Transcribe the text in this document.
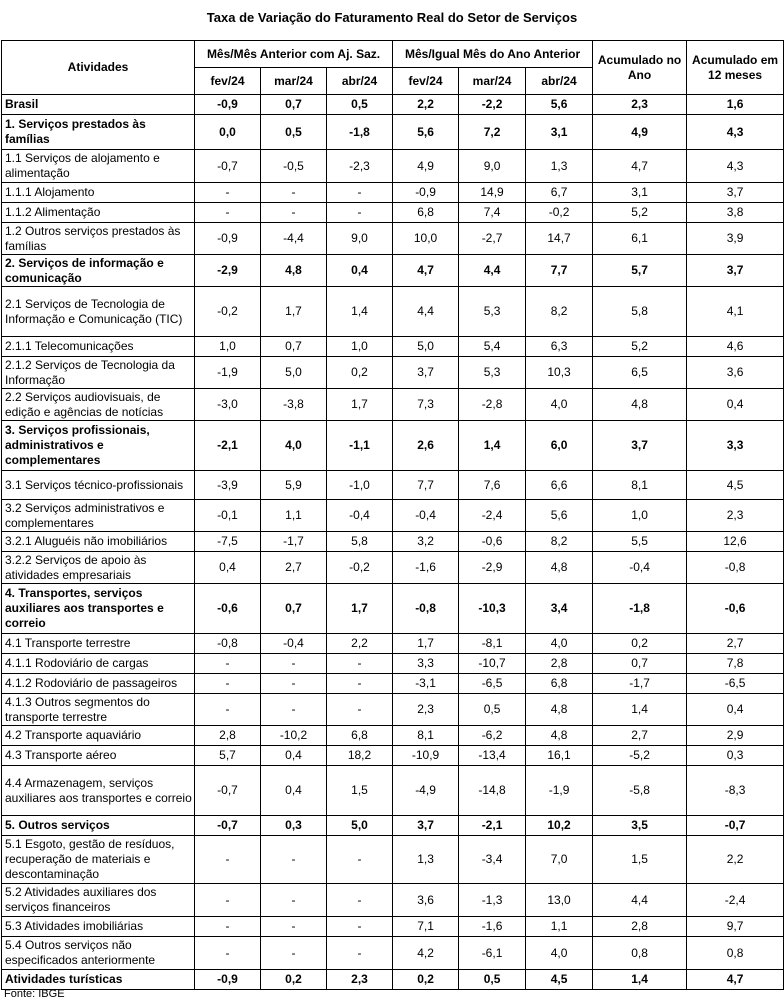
Taxa de Variação do Faturamento Real do Setor de Serviços
Atividades	Mês/Mês Anterior com Aj. Saz.			Mês/Igual Mês do Ano Anterior			Acumulado no Ano	Acumulado em 12 meses
	fev/24	mar/24	abr/24	fev/24	mar/24	abr/24		
Brasil	-0,9	0,7	0,5	2,2	-2,2	5,6	2,3	1,6
1. Serviços prestados às famílias	0,0	0,5	-1,8	5,6	7,2	3,1	4,9	4,3
1.1 Serviços de alojamento e alimentação	-0,7	-0,5	-2,3	4,9	9,0	1,3	4,7	4,3
1.1.1 Alojamento	-	-	-	-0,9	14,9	6,7	3,1	3,7
1.1.2 Alimentação	-	-	-	6,8	7,4	-0,2	5,2	3,8
1.2 Outros serviços prestados às famílias	-0,9	-4,4	9,0	10,0	-2,7	14,7	6,1	3,9
2. Serviços de informação e comunicação	-2,9	4,8	0,4	4,7	4,4	7,7	5,7	3,7
2.1 Serviços de Tecnologia de Informação e Comunicação (TIC)	-0,2	1,7	1,4	4,4	5,3	8,2	5,8	4,1
2.1.1 Telecomunicações	1,0	0,7	1,0	5,0	5,4	6,3	5,2	4,6
2.1.2 Serviços de Tecnologia da Informação	-1,9	5,0	0,2	3,7	5,3	10,3	6,5	3,6
2.2 Serviços audiovisuais, de edição e agências de notícias	-3,0	-3,8	1,7	7,3	-2,8	4,0	4,8	0,4
3. Serviços profissionais, administrativos e complementares	-2,1	4,0	-1,1	2,6	1,4	6,0	3,7	3,3
3.1 Serviços técnico-profissionais	-3,9	5,9	-1,0	7,7	7,6	6,6	8,1	4,5
3.2 Serviços administrativos e complementares	-0,1	1,1	-0,4	-0,4	-2,4	5,6	1,0	2,3
3.2.1 Aluguéis não imobiliários	-7,5	-1,7	5,8	3,2	-0,6	8,2	5,5	12,6
3.2.2 Serviços de apoio às atividades empresariais	0,4	2,7	-0,2	-1,6	-2,9	4,8	-0,4	-0,8
4. Transportes, serviços auxiliares aos transportes e correio	-0,6	0,7	1,7	-0,8	-10,3	3,4	-1,8	-0,6
4.1 Transporte terrestre	-0,8	-0,4	2,2	1,7	-8,1	4,0	0,2	2,7
4.1.1 Rodoviário de cargas	-	-	-	3,3	-10,7	2,8	0,7	7,8
4.1.2 Rodoviário de passageiros	-	-	-	-3,1	-6,5	6,8	-1,7	-6,5
4.1.3 Outros segmentos do transporte terrestre	-	-	-	2,3	0,5	4,8	1,4	0,4
4.2 Transporte aquaviário	2,8	-10,2	6,8	8,1	-6,2	4,8	2,7	2,9
4.3 Transporte aéreo	5,7	0,4	18,2	-10,9	-13,4	16,1	-5,2	0,3
4.4 Armazenagem, serviços auxiliares aos transportes e correio	-0,7	0,4	1,5	-4,9	-14,8	-1,9	-5,8	-8,3
5. Outros serviços	-0,7	0,3	5,0	3,7	-2,1	10,2	3,5	-0,7
5.1 Esgoto, gestão de resíduos, recuperação de materiais e descontaminação	-	-	-	1,3	-3,4	7,0	1,5	2,2
5.2 Atividades auxiliares dos serviços financeiros	-	-	-	3,6	-1,3	13,0	4,4	-2,4
5.3 Atividades imobiliárias	-	-	-	7,1	-1,6	1,1	2,8	9,7
5.4 Outros serviços não especificados anteriormente	-	-	-	4,2	-6,1	4,0	0,8	0,8
Atividades turísticas	-0,9	0,2	2,3	0,2	0,5	4,5	1,4	4,7
Fonte: IBGE
